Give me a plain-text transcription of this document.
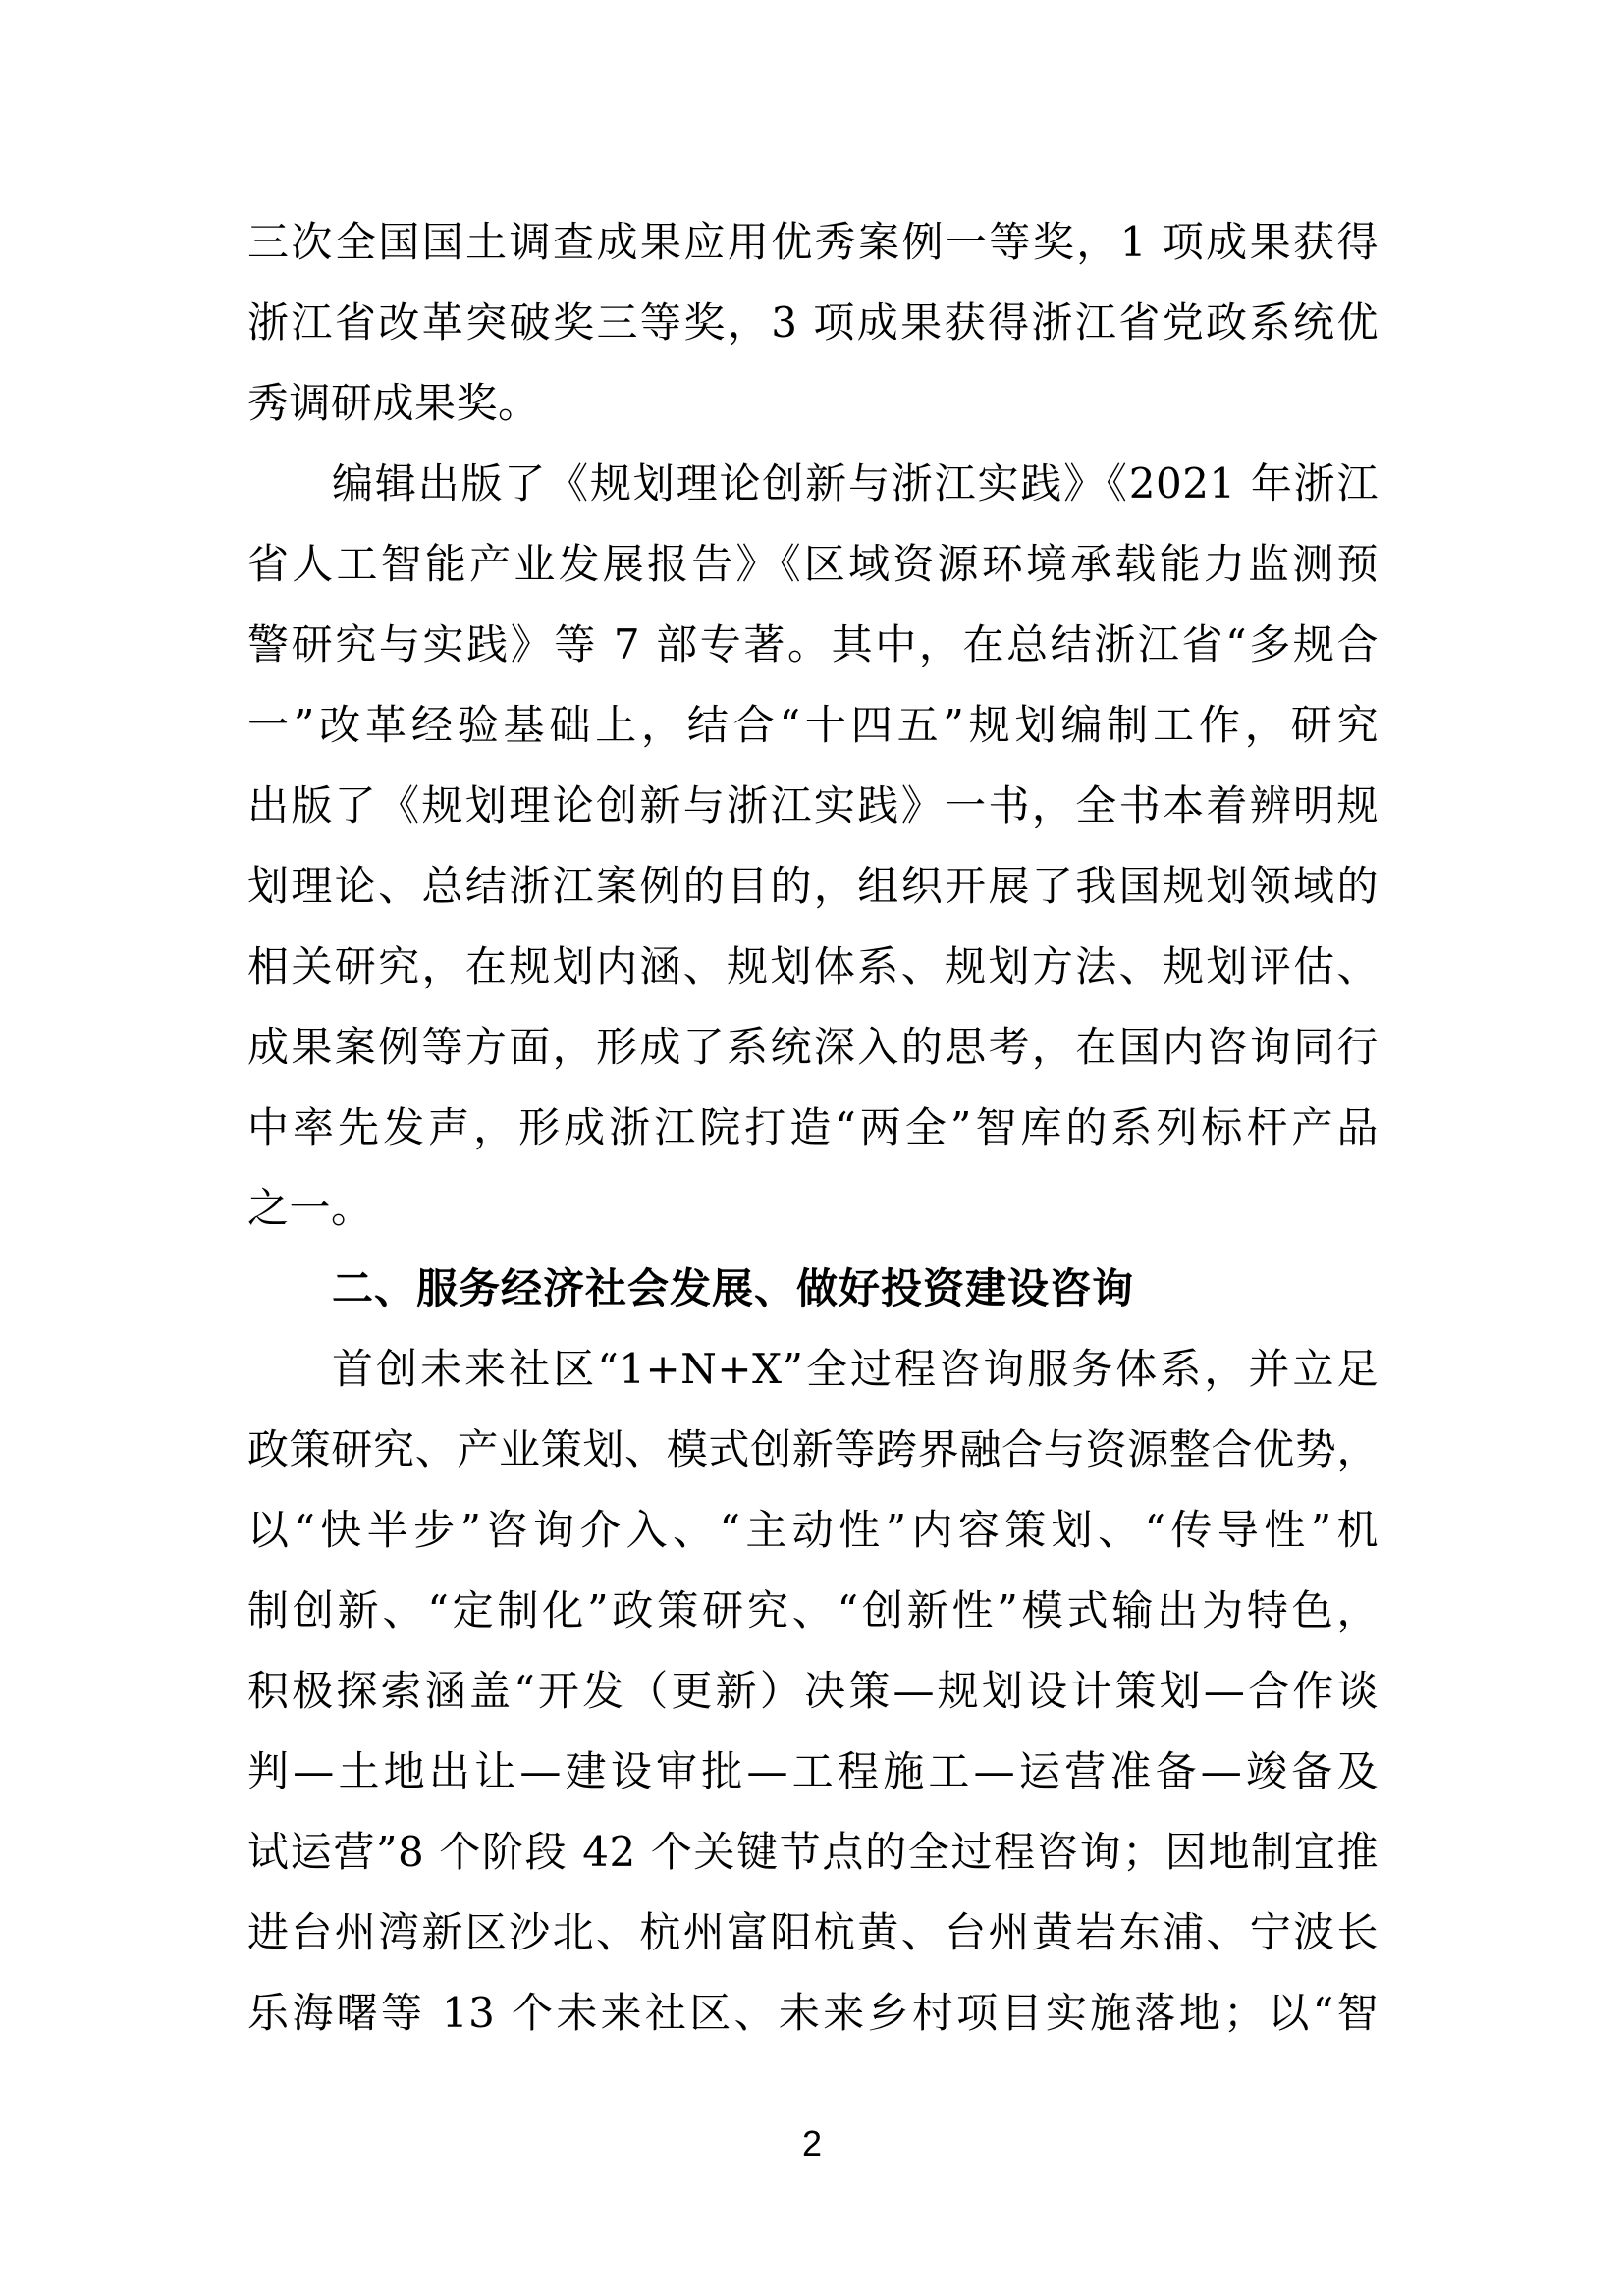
三次全国国土调查成果应用优秀案例一等奖，1 项成果获得
浙江省改革突破奖三等奖，3 项成果获得浙江省党政系统优
秀调研成果奖。
编辑出版了《规划理论创新与浙江实践》《2021 年浙江
省人工智能产业发展报告》《区域资源环境承载能力监测预
警研究与实践》等 7 部专著。其中，在总结浙江省“多规合
一”改革经验基础上，结合“十四五”规划编制工作，研究
出版了《规划理论创新与浙江实践》一书，全书本着辨明规
划理论、总结浙江案例的目的，组织开展了我国规划领域的
相关研究，在规划内涵、规划体系、规划方法、规划评估、
成果案例等方面，形成了系统深入的思考，在国内咨询同行
中率先发声，形成浙江院打造“两全”智库的系列标杆产品
之一。
二、服务经济社会发展、做好投资建设咨询
首创未来社区“1+N+X”全过程咨询服务体系，并立足
政策研究、产业策划、模式创新等跨界融合与资源整合优势，
以“快半步”咨询介入、“主动性”内容策划、“传导性”机
制创新、“定制化”政策研究、“创新性”模式输出为特色，
积极探索涵盖“开发（更新）决策—规划设计策划—合作谈
判—土地出让—建设审批—工程施工—运营准备—竣备及
试运营”8 个阶段 42 个关键节点的全过程咨询；因地制宜推
进台州湾新区沙北、杭州富阳杭黄、台州黄岩东浦、宁波长
乐海曙等 13 个未来社区、未来乡村项目实施落地；以“智
2
